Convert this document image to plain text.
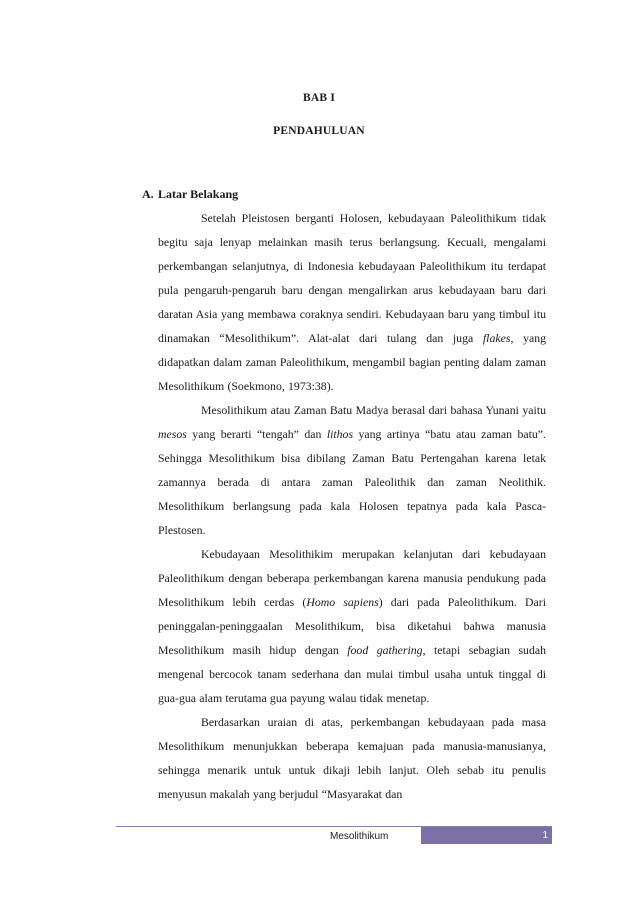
BAB I
PENDAHULUAN
A. Latar Belakang

Setelah Pleistosen berganti Holosen, kebudayaan Paleolithikum tidak begitu saja lenyap melainkan masih terus berlangsung. Kecuali, mengalami perkembangan selanjutnya, di Indonesia kebudayaan Paleolithikum itu terdapat pula pengaruh-pengaruh baru dengan mengalirkan arus kebudayaan baru dari daratan Asia yang membawa coraknya sendiri. Kebudayaan baru yang timbul itu dinamakan “Mesolithikum”. Alat-alat dari tulang dan juga flakes, yang didapatkan dalam zaman Paleolithikum, mengambil bagian penting dalam zaman Mesolithikum (Soekmono, 1973:38).

Mesolithikum atau Zaman Batu Madya berasal dari bahasa Yunani yaitu mesos yang berarti “tengah” dan lithos yang artinya “batu atau zaman batu”. Sehingga Mesolithikum bisa dibilang Zaman Batu Pertengahan karena letak zamannya berada di antara zaman Paleolithik dan zaman Neolithik. Mesolithikum berlangsung pada kala Holosen tepatnya pada kala Pasca-Plestosen.

Kebudayaan Mesolithikim merupakan kelanjutan dari kebudayaan Paleolithikum dengan beberapa perkembangan karena manusia pendukung pada Mesolithikum lebih cerdas (Homo sapiens) dari pada Paleolithikum. Dari peninggalan-peninggaalan Mesolithikum, bisa diketahui bahwa manusia Mesolithikum masih hidup dengan food gathering, tetapi sebagian sudah mengenal bercocok tanam sederhana dan mulai timbul usaha untuk tinggal di gua-gua alam terutama gua payung walau tidak menetap.

Berdasarkan uraian di atas, perkembangan kebudayaan pada masa Mesolithikum menunjukkan beberapa kemajuan pada manusia-manusianya, sehingga menarik untuk untuk dikaji lebih lanjut. Oleh sebab itu penulis menyusun makalah yang berjudul “Masyarakat dan

Mesolithikum	1
